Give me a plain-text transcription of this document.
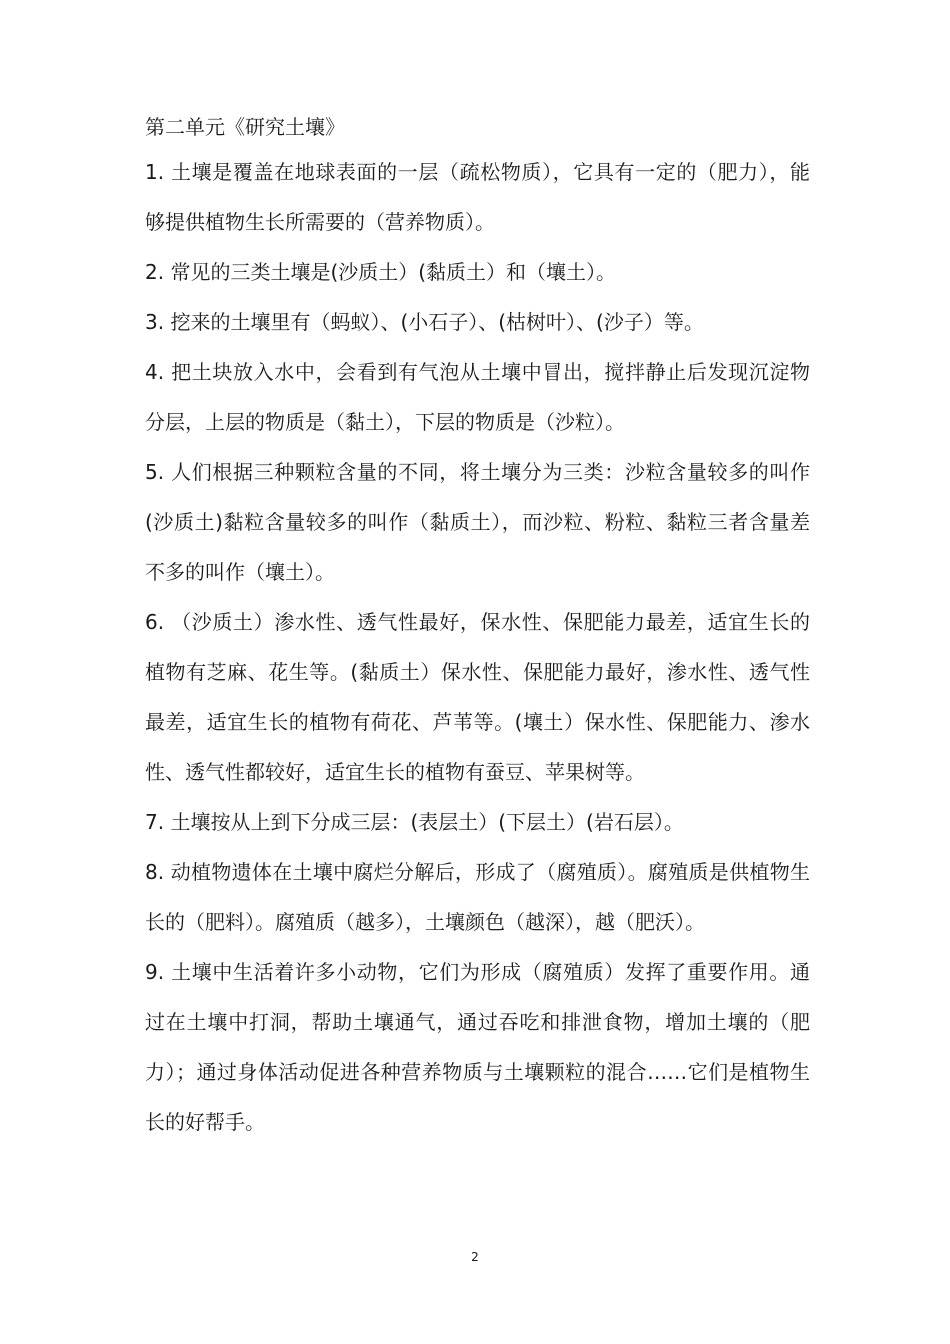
第二单元《研究土壤》

1. 土壤是覆盖在地球表面的一层（疏松物质），它具有一定的（肥力），能够提供植物生长所需要的（营养物质）。

2. 常见的三类土壤是(沙质土）(黏质土）和（壤土）。

3. 挖来的土壤里有（蚂蚁）、(小石子）、(枯树叶）、(沙子）等。

4. 把土块放入水中，会看到有气泡从土壤中冒出，搅拌静止后发现沉淀物分层，上层的物质是（黏土），下层的物质是（沙粒）。

5. 人们根据三种颗粒含量的不同，将土壤分为三类：沙粒含量较多的叫作(沙质土)黏粒含量较多的叫作（黏质土），而沙粒、粉粒、黏粒三者含量差不多的叫作（壤土）。

6. （沙质土）渗水性、透气性最好，保水性、保肥能力最差，适宜生长的植物有芝麻、花生等。(黏质土）保水性、保肥能力最好，渗水性、透气性最差，适宜生长的植物有荷花、芦苇等。(壤土）保水性、保肥能力、渗水性、透气性都较好，适宜生长的植物有蚕豆、苹果树等。

7. 土壤按从上到下分成三层：(表层土）(下层土）(岩石层）。

8. 动植物遗体在土壤中腐烂分解后，形成了（腐殖质）。腐殖质是供植物生长的（肥料）。腐殖质（越多），土壤颜色（越深），越（肥沃）。

9. 土壤中生活着许多小动物，它们为形成（腐殖质）发挥了重要作用。通过在土壤中打洞，帮助土壤通气，通过吞吃和排泄食物，增加土壤的（肥力）；通过身体活动促进各种营养物质与土壤颗粒的混合……它们是植物生长的好帮手。

2
